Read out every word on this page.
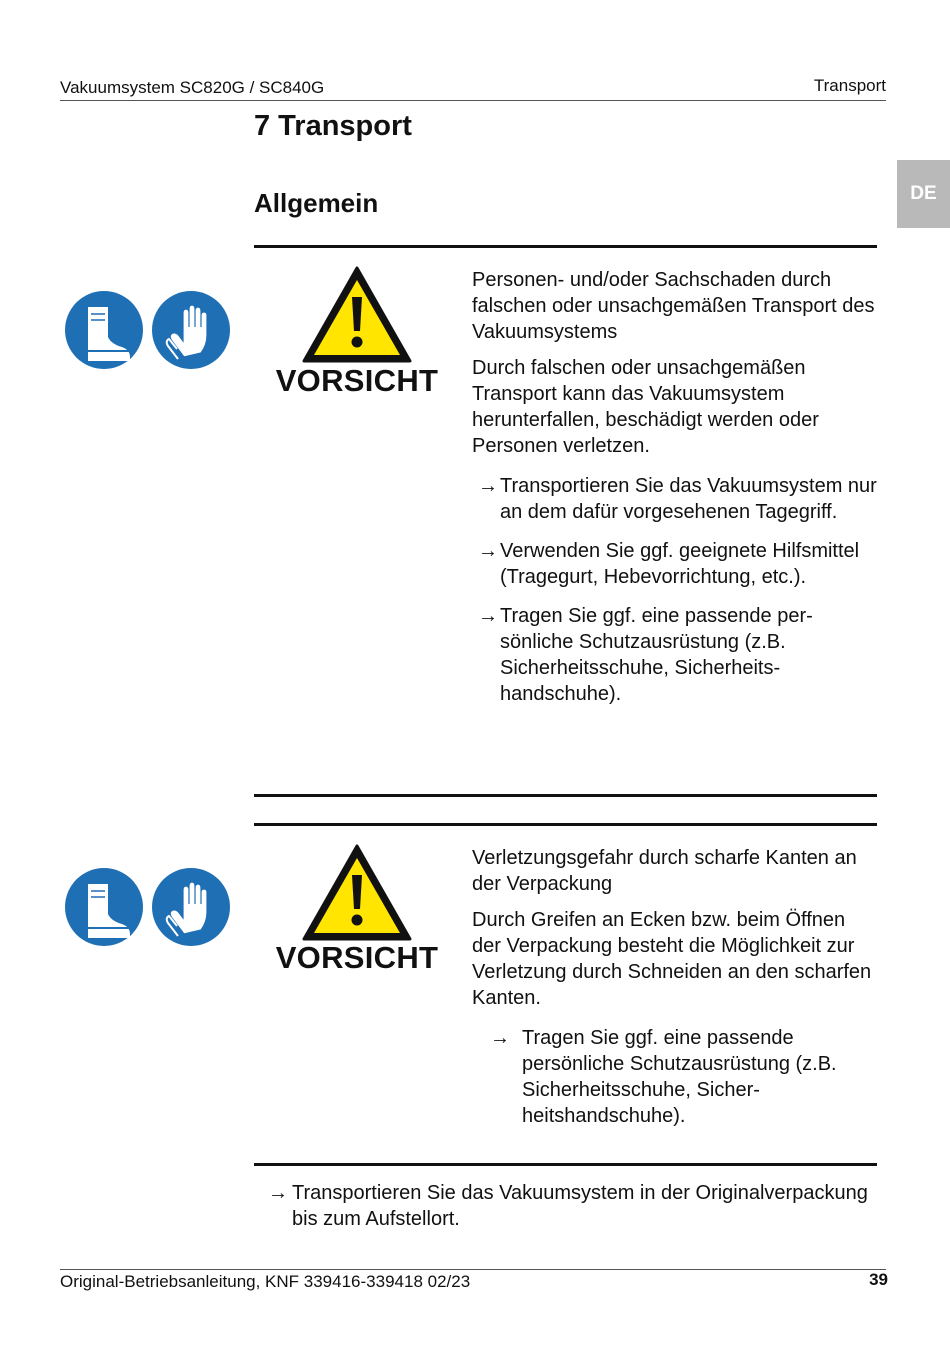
Vakuumsystem SC820G / SC840G	Transport
DE
7 Transport
Allgemein
VORSICHT

Personen- und/oder Sachschaden durch falschen oder unsachgemäßen Transport des Vakuumsystems

Durch falschen oder unsachgemäßen Transport kann das Vakuumsystem herunterfallen, beschädigt werden oder Personen verletzen.

→ Transportieren Sie das Vakuumsystem nur an dem dafür vorgesehenen Tagegriff.
→ Verwenden Sie ggf. geeignete Hilfsmittel (Tragegurt, Hebevorrichtung, etc.).
→ Tragen Sie ggf. eine passende persönliche Schutzausrüstung (z.B. Sicherheitsschuhe, Sicherheitshandschuhe).
VORSICHT

Verletzungsgefahr durch scharfe Kanten an der Verpackung

Durch Greifen an Ecken bzw. beim Öffnen der Verpackung besteht die Möglichkeit zur Verletzung durch Schneiden an den scharfen Kanten.

→ Tragen Sie ggf. eine passende persönliche Schutzausrüstung (z.B. Sicherheitsschuhe, Sicherheitshandschuhe).
→ Transportieren Sie das Vakuumsystem in der Originalverpackung bis zum Aufstellort.
Original-Betriebsanleitung, KNF 339416-339418 02/23	39
